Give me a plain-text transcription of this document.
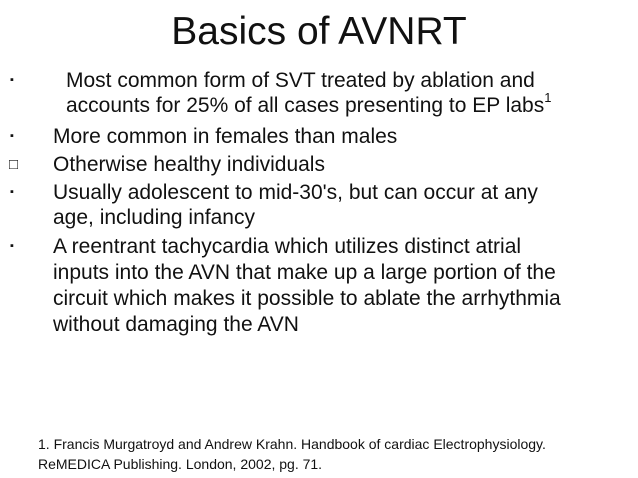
Basics of AVNRT
▪ Most common form of SVT treated by ablation and
accounts for 25% of all cases presenting to EP labs$^1$
▪ More common in females than males
□ Otherwise healthy individuals
▪ Usually adolescent to mid-30's, but can occur at any
age, including infancy
▪ A reentrant tachycardia which utilizes distinct atrial
inputs into the AVN that make up a large portion of the
circuit which makes it possible to ablate the arrhythmia
without damaging the AVN
1. Francis Murgatroyd and Andrew Krahn. Handbook of cardiac Electrophysiology.
ReMEDICA Publishing. London, 2002, pg. 71.
